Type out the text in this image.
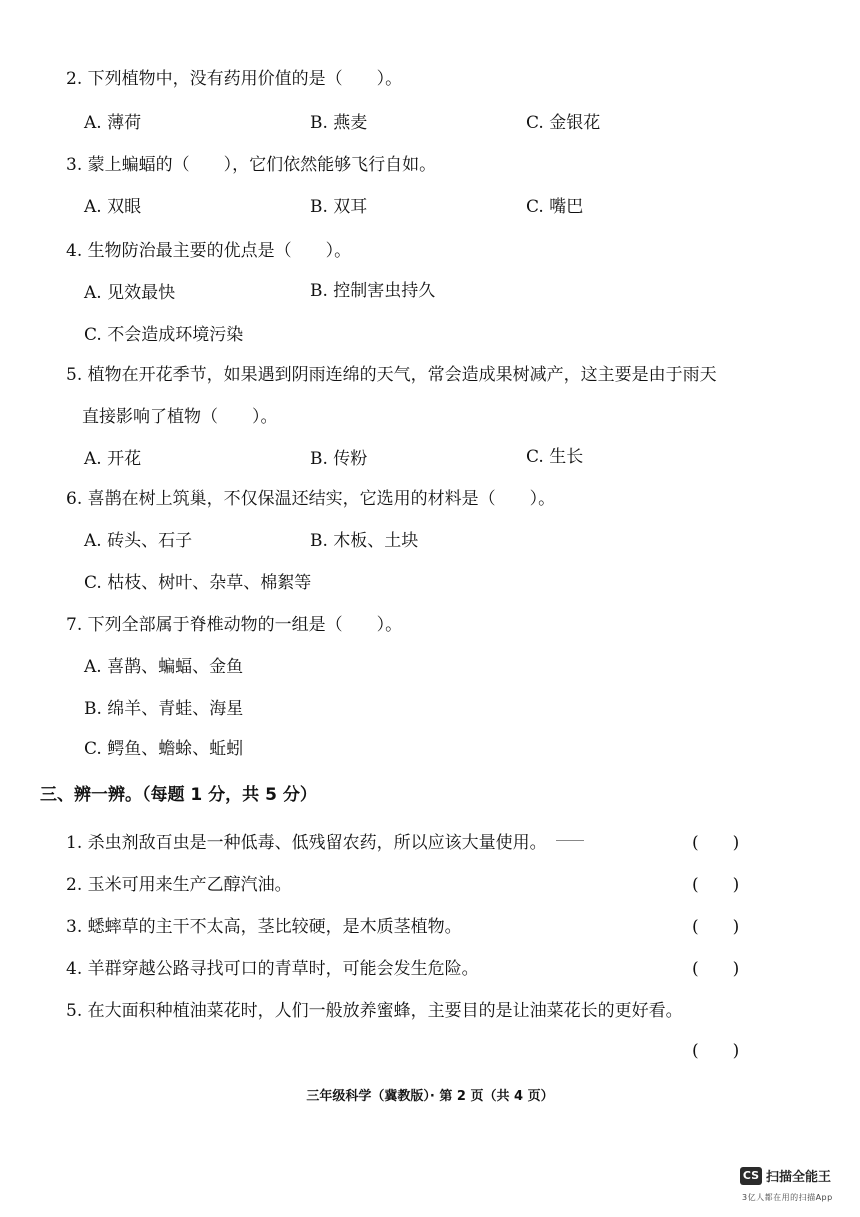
2. 下列植物中，没有药用价值的是（　　）。
A. 薄荷	B. 燕麦	C. 金银花
3. 蒙上蝙蝠的（　　），它们依然能够飞行自如。
A. 双眼	B. 双耳	C. 嘴巴
4. 生物防治最主要的优点是（　　）。
A. 见效最快	B. 控制害虫持久
C. 不会造成环境污染
5. 植物在开花季节，如果遇到阴雨连绵的天气，常会造成果树减产，这主要是由于雨天
直接影响了植物（　　）。
A. 开花	B. 传粉	C. 生长
6. 喜鹊在树上筑巢，不仅保温还结实，它选用的材料是（　　）。
A. 砖头、石子	B. 木板、土块
C. 枯枝、树叶、杂草、棉絮等
7. 下列全部属于脊椎动物的一组是（　　）。
A. 喜鹊、蝙蝠、金鱼
B. 绵羊、青蛙、海星
C. 鳄鱼、蟾蜍、蚯蚓
三、辨一辨。（每题 1 分，共 5 分）
1. 杀虫剂敌百虫是一种低毒、低残留农药，所以应该大量使用。	(　　)
2. 玉米可用来生产乙醇汽油。	(　　)
3. 蟋蟀草的主干不太高，茎比较硬，是木质茎植物。	(　　)
4. 羊群穿越公路寻找可口的青草时，可能会发生危险。	(　　)
5. 在大面积种植油菜花时，人们一般放养蜜蜂，主要目的是让油菜花长的更好看。
(　　)
三年级科学（冀教版）· 第 2 页（共 4 页）
CS 扫描全能王
3亿人都在用的扫描App
